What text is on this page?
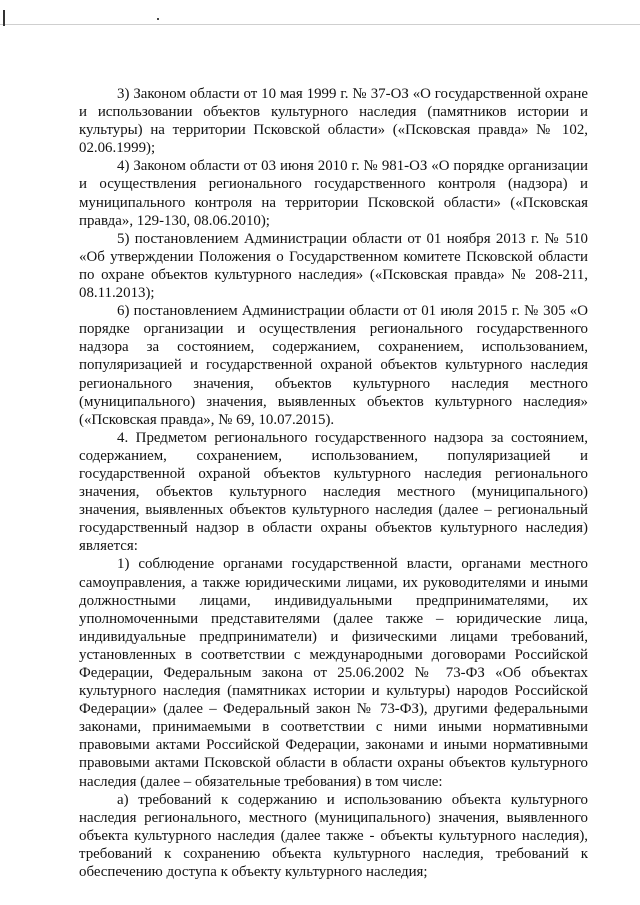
3) Законом области от 10 мая 1999 г. № 37-ОЗ «О государственной охране и использовании объектов культурного наследия (памятников истории и культуры) на территории Псковской области» («Псковская правда» № 102, 02.06.1999);

4) Законом области от 03 июня 2010 г. № 981-ОЗ «О порядке организации и осуществления регионального государственного контроля (надзора) и муниципального контроля на территории Псковской области» («Псковская правда», 129-130, 08.06.2010);

5) постановлением Администрации области от 01 ноября 2013 г. № 510 «Об утверждении Положения о Государственном комитете Псковской области по охране объектов культурного наследия» («Псковская правда» № 208-211, 08.11.2013);

6) постановлением Администрации области от 01 июля 2015 г. № 305 «О порядке организации и осуществления регионального государственного надзора за состоянием, содержанием, сохранением, использованием, популяризацией и государственной охраной объектов культурного наследия регионального значения, объектов культурного наследия местного (муниципального) значения, выявленных объектов культурного наследия» («Псковская правда», № 69, 10.07.2015).

4. Предметом регионального государственного надзора за состоянием, содержанием, сохранением, использованием, популяризацией и государственной охраной объектов культурного наследия регионального значения, объектов культурного наследия местного (муниципального) значения, выявленных объектов культурного наследия (далее – региональный государственный надзор в области охраны объектов культурного наследия) является:

1) соблюдение органами государственной власти, органами местного самоуправления, а также юридическими лицами, их руководителями и иными должностными лицами, индивидуальными предпринимателями, их уполномоченными представителями (далее также – юридические лица, индивидуальные предприниматели) и физическими лицами требований, установленных в соответствии с международными договорами Российской Федерации, Федеральным закона от 25.06.2002 № 73-ФЗ «Об объектах культурного наследия (памятниках истории и культуры) народов Российской Федерации» (далее – Федеральный закон № 73-ФЗ), другими федеральными законами, принимаемыми в соответствии с ними иными нормативными правовыми актами Российской Федерации, законами и иными нормативными правовыми актами Псковской области в области охраны объектов культурного наследия (далее – обязательные требования) в том числе:

а) требований к содержанию и использованию объекта культурного наследия регионального, местного (муниципального) значения, выявленного объекта культурного наследия (далее также - объекты культурного наследия), требований к сохранению объекта культурного наследия, требований к обеспечению доступа к объекту культурного наследия;
